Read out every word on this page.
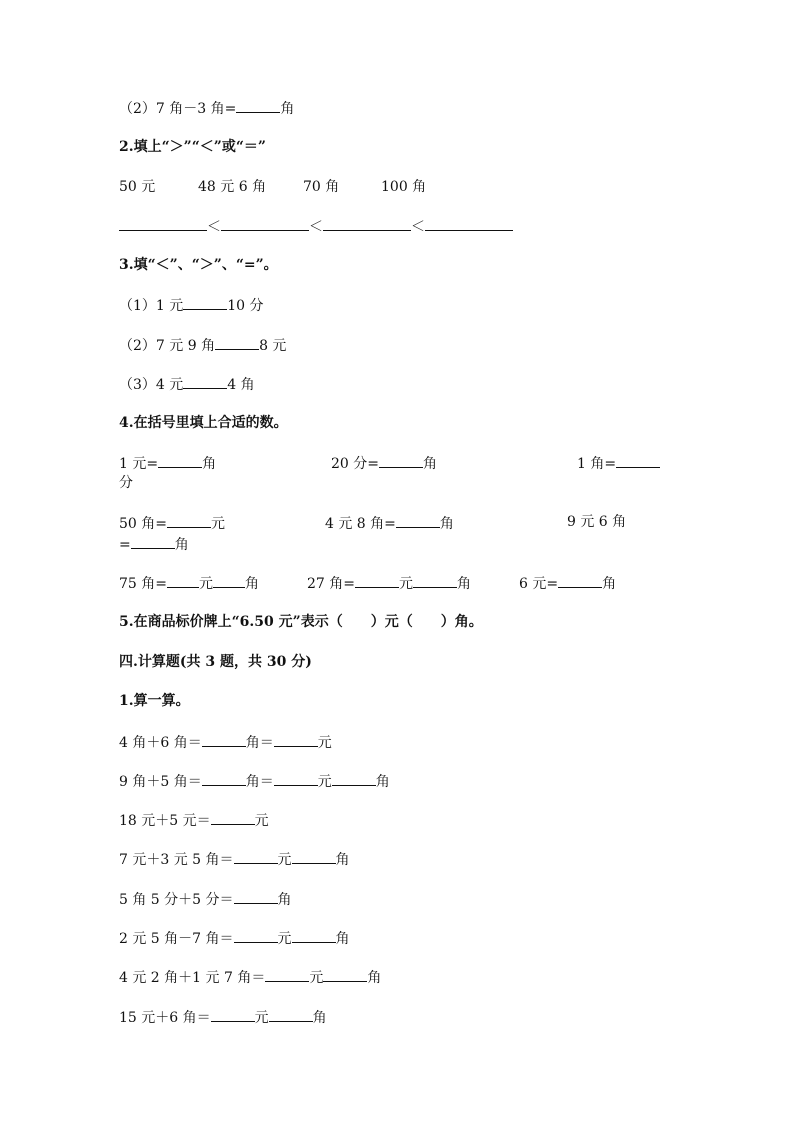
（2）7 角－3 角=	角
2.填上“＞”“＜”或“＝”
50 元	48 元 6 角	70 角	100 角
＜	＜	＜
3.填“＜”、“＞”、“=”。
（1）1 元	10 分
（2）7 元 9 角	8 元
（3）4 元	4 角
4.在括号里填上合适的数。
1 元=	角	20 分=	角	1 角=
分
50 角=	元	4 元 8 角=	角	9 元 6 角
=	角
75 角= 元 角	27 角=	元	角	6 元=	角
5.在商品标价牌上“6.50 元”表示（　　）元（　　）角。
四.计算题(共 3 题，共 30 分)
1.算一算。
4 角＋6 角＝	角＝	元
9 角＋5 角＝	角＝	元	角
18 元＋5 元＝	元
7 元＋3 元 5 角＝	元	角
5 角 5 分＋5 分＝	角
2 元 5 角－7 角＝	元	角
4 元 2 角＋1 元 7 角＝	元	角
15 元＋6 角＝	元	角
